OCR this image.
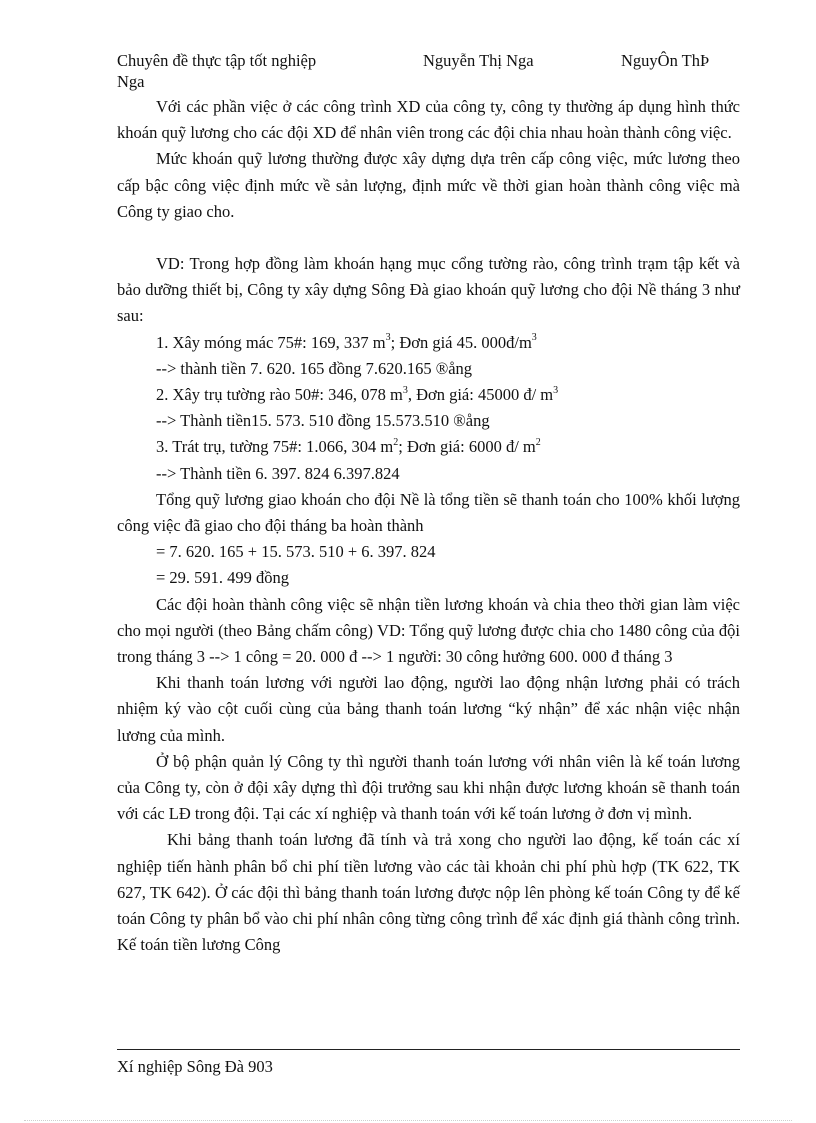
Chuyên đề thực tập tốt nghiệp	Nguyễn Thị Nga	NguyÔn ThÞ
Nga

Với các phần việc ở các công trình XD của công ty, công ty thường áp dụng hình thức khoán quỹ lương cho các đội XD để nhân viên trong các đội chia nhau hoàn thành công việc.

Mức khoán quỹ lương thường được xây dựng dựa trên cấp công việc, mức lương theo cấp bậc công việc định mức về sản lượng, định mức về thời gian hoàn thành công việc mà Công ty giao cho.

VD: Trong hợp đồng làm khoán hạng mục cổng tường rào, công trình trạm tập kết và bảo dưỡng thiết bị, Công ty xây dựng Sông Đà giao khoán quỹ lương cho đội Nề tháng 3 như sau:

1. Xây móng mác 75#: 169, 337 $m^3$; Đơn giá 45. $000đ/m^3$

--> thành tiền 7. 620. 165 đồng 7.620.165 ®ång

2. Xây trụ tường rào 50#: 346, 078 $m^3$, Đơn giá: 45000 đ/ $m^3$

--> Thành tiền15. 573. 510 đồng 15.573.510 ®ång

3. Trát trụ, tường 75#: 1.066, 304 $m^2$; Đơn giá: 6000 đ/ $m^2$

--> Thành tiền 6. 397. 824 6.397.824

Tổng quỹ lương giao khoán cho đội Nề là tổng tiền sẽ thanh toán cho 100% khối lượng công việc đã giao cho đội tháng ba hoàn thành

= 7. 620. 165 + 15. 573. 510 + 6. 397. 824

= 29. 591. 499 đồng

Các đội hoàn thành công việc sẽ nhận tiền lương khoán và chia theo thời gian làm việc cho mọi người (theo Bảng chấm công) VD: Tổng quỹ lương được chia cho 1480 công của đội trong tháng 3 --> 1 công = 20. 000 đ --> 1 người: 30 công hưởng 600. 000 đ tháng 3

Khi thanh toán lương với người lao động, người lao động nhận lương phải có trách nhiệm ký vào cột cuối cùng của bảng thanh toán lương “ký nhận” để xác nhận việc nhận lương của mình.

Ở bộ phận quản lý Công ty thì người thanh toán lương với nhân viên là kế toán lương của Công ty, còn ở đội xây dựng thì đội trưởng sau khi nhận được lương khoán sẽ thanh toán với các LĐ trong đội. Tại các xí nghiệp và thanh toán với kế toán lương ở đơn vị mình.

Khi bảng thanh toán lương đã tính và trả xong cho người lao động, kế toán các xí nghiệp tiến hành phân bổ chi phí tiền lương vào các tài khoản chi phí phù hợp (TK 622, TK 627, TK 642). Ở các đội thì bảng thanh toán lương được nộp lên phòng kế toán Công ty để kế toán Công ty phân bổ vào chi phí nhân công từng công trình để xác định giá thành công trình. Kế toán tiền lương Công

Xí nghiệp Sông Đà 903
